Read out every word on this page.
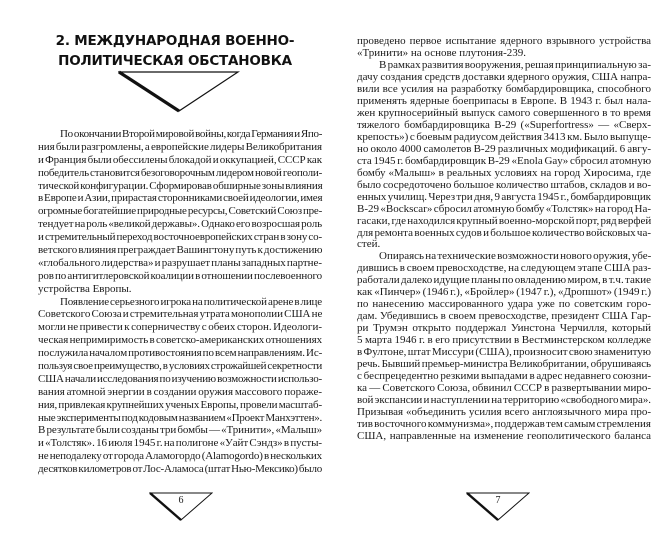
2. МЕЖДУНАРОДНАЯ ВОЕННО-
ПОЛИТИЧЕСКАЯ ОБСТАНОВКА
По окончании Второй мировой войны, когда Германия и Япо-
ния были разгромлены, а европейские лидеры Великобритания
и Франция были обессилены блокадой и оккупацией, СССР как
победитель становится безоговорочным лидером новой геополи-
тической конфигурации. Сформировав обширные зоны влияния
в Европе и Азии, прирастая сторонниками своей идеологии, имея
огромные богатейшие природные ресурсы, Советский Союз пре-
тендует на роль «великой державы». Однако его возросшая роль
и стремительный переход восточноевропейских стран в зону со-
ветского влияния преграждает Вашингтону путь к достижению
«глобального лидерства» и разрушает планы западных партне-
ров по антигитлеровской коалиции в отношении послевоенного
устройства Европы.
Появление серьезного игрока на политической арене в лице
Советского Союза и стремительная утрата монополии США не
могли не привести к соперничеству с обеих сторон. Идеологи-
ческая непримиримость в советско-американских отношениях
послужила началом противостояния по всем направлениям. Ис-
пользуя свое преимущество, в условиях строжайшей секретности
США начали исследования по изучению возможности использо-
вания атомной энергии в создании оружия массового пораже-
ния, привлекая крупнейших ученых Европы, провели масштаб-
ные эксперименты под кодовым названием «Проект Манхэттен».
В результате были созданы три бомбы — «Тринити», «Малыш»
и «Толстяк». 16 июля 1945 г. на полигоне «Уайт Сэндз» в пусты-
не неподалеку от города Аламогордо (Alamogordo) в нескольких
десятков километров от Лос-Аламоса (штат Нью-Мексико) было
6
проведено первое испытание ядерного взрывного устройства
«Тринити» на основе плутония-239.
В рамках развития вооружения, решая принципиальную за-
дачу создания средств доставки ядерного оружия, США напра-
вили все усилия на разработку бомбардировщика, способного
применять ядерные боеприпасы в Европе. В 1943 г. был нала-
жен крупносерийный выпуск самого совершенного в то время
тяжелого бомбардировщика B-29 («Superfortress» — «Сверх-
крепость») с боевым радиусом действия 3413 км. Было выпуще-
но около 4000 самолетов B-29 различных модификаций. 6 авгу-
ста 1945 г. бомбардировщик B-29 «Enola Gay» сбросил атомную
бомбу «Малыш» в реальных условиях на город Хиросима, где
было сосредоточено большое количество штабов, складов и во-
енных училищ. Через три дня, 9 августа 1945 г., бомбардировщик
B-29 «Bockscar» сбросил атомную бомбу «Толстяк» на город На-
гасаки, где находился крупный военно-морской порт, ряд верфей
для ремонта военных судов и большое количество войсковых ча-
стей.
Опираясь на технические возможности нового оружия, убе-
дившись в своем превосходстве, на следующем этапе США раз-
работали далеко идущие планы по овладению миром, в т.ч. такие
как «Пинчер» (1946 г.), «Бройлер» (1947 г.), «Дропшот» (1949 г.)
по нанесению массированного удара уже по советским горо-
дам. Убедившись в своем превосходстве, президент США Гар-
ри Трумэн открыто поддержал Уинстона Черчилля, который
5 марта 1946 г. в его присутствии в Вестминстерском колледже
в Фултоне, штат Миссури (США), произносит свою знаменитую
речь. Бывший премьер-министра Великобритании, обрушиваясь
с беспрецедентно резкими выпадами в адрес недавнего союзни-
ка — Советского Союза, обвинил СССР в развертывании миро-
вой экспансии и наступлении на территорию «свободного мира».
Призывая «объединить усилия всего англоязычного мира про-
тив восточного коммунизма», поддержав тем самым стремления
США, направленные на изменение геополитического баланса
7
